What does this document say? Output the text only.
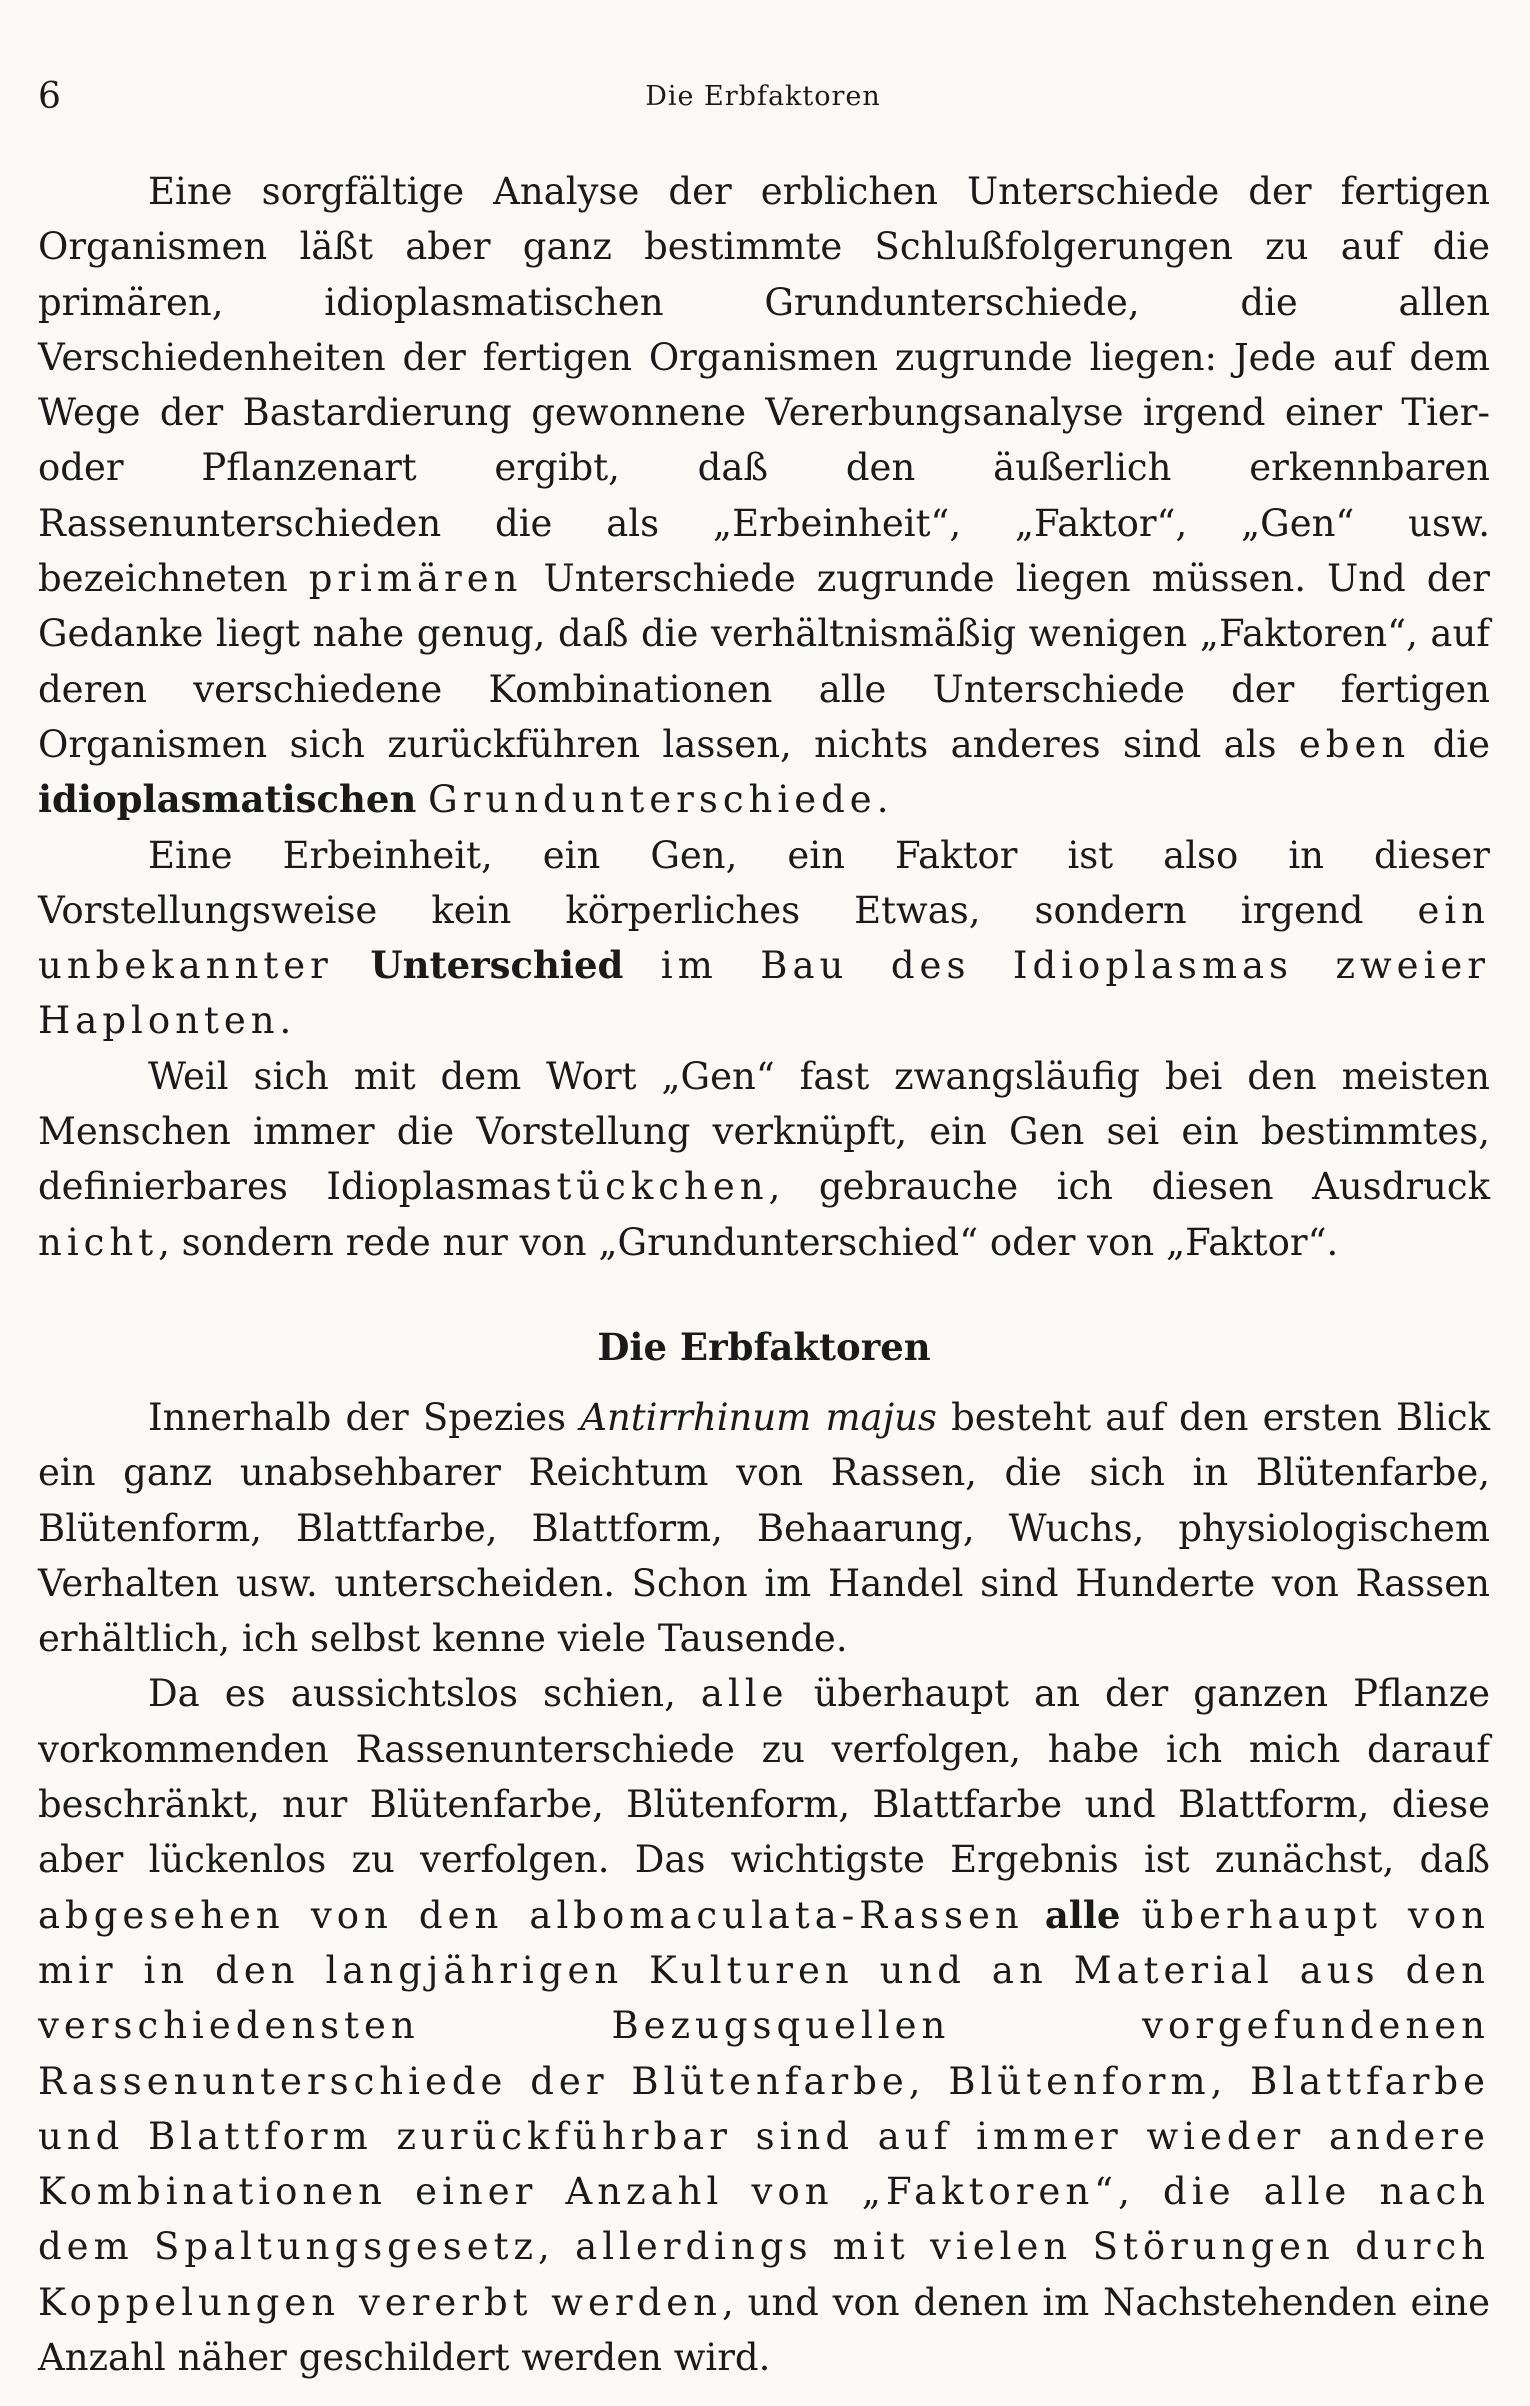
6	Die Erbfaktoren

Eine sorgfältige Analyse der erblichen Unterschiede der fertigen Organismen läßt aber ganz bestimmte Schlußfolgerungen zu auf die primären, idioplasmatischen Grundunterschiede, die allen Verschiedenheiten der fertigen Organismen zugrunde liegen: Jede auf dem Wege der Bastardierung gewonnene Vererbungsanalyse irgend einer Tier- oder Pflanzenart ergibt, daß den äußerlich erkennbaren Rassenunterschieden die als „Erbeinheit“, „Faktor“, „Gen“ usw. bezeichneten primären Unterschiede zugrunde liegen müssen. Und der Gedanke liegt nahe genug, daß die verhältnismäßig wenigen „Faktoren“, auf deren verschiedene Kombinationen alle Unterschiede der fertigen Organismen sich zurückführen lassen, nichts anderes sind als eben die idioplasmatischen Grundunterschiede.

Eine Erbeinheit, ein Gen, ein Faktor ist also in dieser Vorstellungsweise kein körperliches Etwas, sondern irgend ein unbekannter Unterschied im Bau des Idioplasmas zweier Haplonten.

Weil sich mit dem Wort „Gen“ fast zwangsläufig bei den meisten Menschen immer die Vorstellung verknüpft, ein Gen sei ein bestimmtes, definierbares Idioplasmastückchen, gebrauche ich diesen Ausdruck nicht, sondern rede nur von „Grundunterschied“ oder von „Faktor“.

Die Erbfaktoren

Innerhalb der Spezies Antirrhinum majus besteht auf den ersten Blick ein ganz unabsehbarer Reichtum von Rassen, die sich in Blütenfarbe, Blütenform, Blattfarbe, Blattform, Behaarung, Wuchs, physiologischem Verhalten usw. unterscheiden. Schon im Handel sind Hunderte von Rassen erhältlich, ich selbst kenne viele Tausende.

Da es aussichtslos schien, alle überhaupt an der ganzen Pflanze vorkommenden Rassenunterschiede zu verfolgen, habe ich mich darauf beschränkt, nur Blütenfarbe, Blütenform, Blattfarbe und Blattform, diese aber lückenlos zu verfolgen. Das wichtigste Ergebnis ist zunächst, daß abgesehen von den albomaculata-Rassen alle überhaupt von mir in den langjährigen Kulturen und an Material aus den verschiedensten Bezugsquellen vorgefundenen Rassenunterschiede der Blütenfarbe, Blütenform, Blattfarbe und Blattform zurückführbar sind auf immer wieder andere Kombinationen einer Anzahl von „Faktoren“, die alle nach dem Spaltungsgesetz, allerdings mit vielen Störungen durch Koppelungen vererbt werden, und von denen im Nachstehenden eine Anzahl näher geschildert werden wird.
